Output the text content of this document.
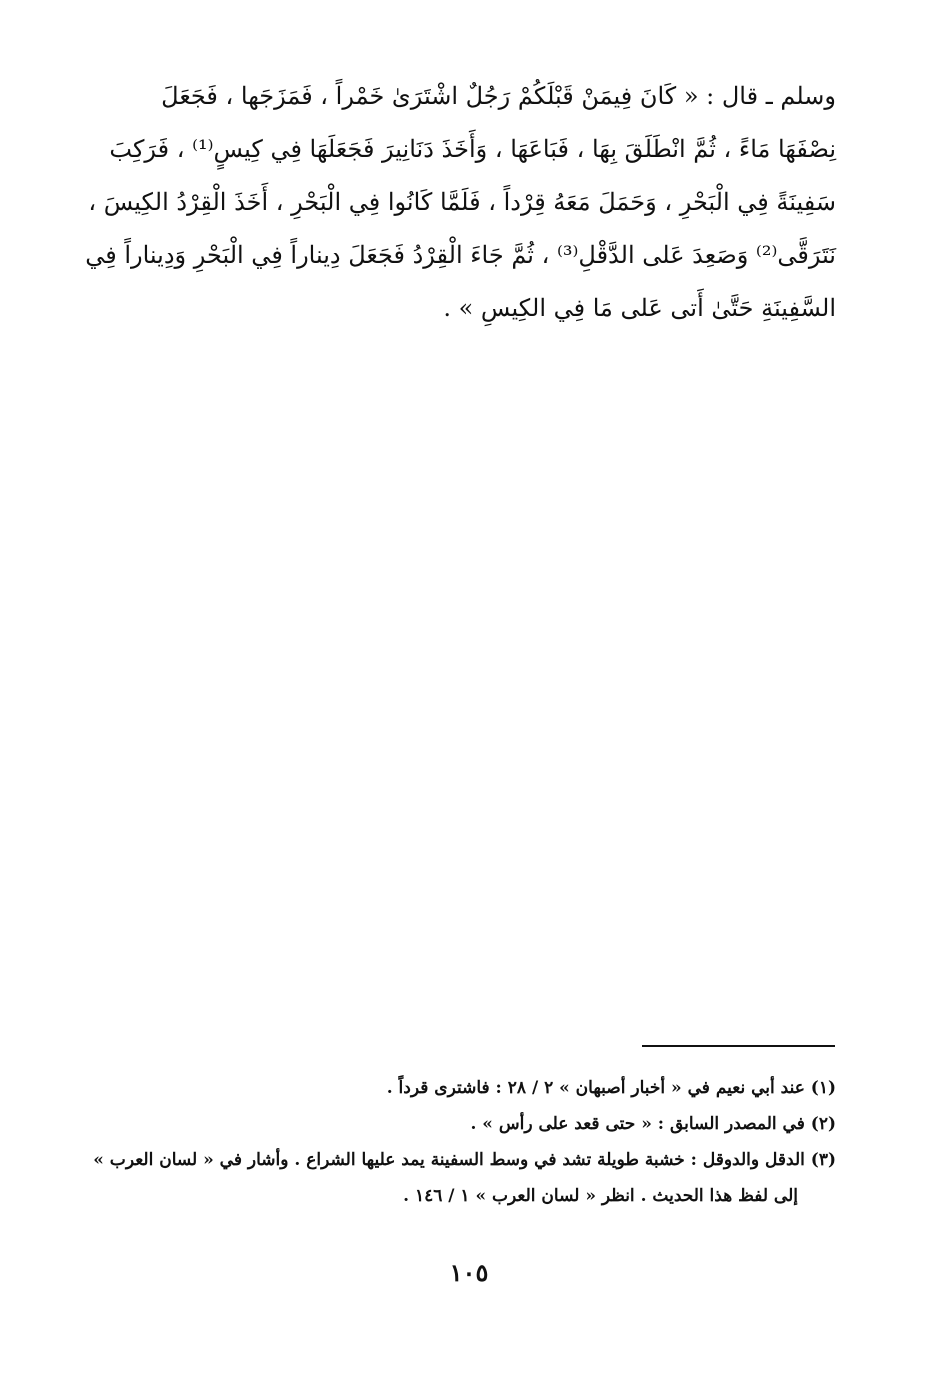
وسلم ـ قال : « كَانَ فِيمَنْ قَبْلَكُمْ رَجُلٌ اشْتَرَىٰ خَمْراً ، فَمَزَجَها ، فَجَعَلَ
نِصْفَهَا مَاءً ، ثُمَّ انْطَلَقَ بِهَا ، فَبَاعَهَا ، وَأَخَذَ دَنَانِيرَ فَجَعَلَهَا فِي كِيسٍ⁽¹⁾ ، فَرَكِبَ
سَفِينَةً فِي الْبَحْرِ ، وَحَمَلَ مَعَهُ قِرْداً ، فَلَمَّا كَانُوا فِي الْبَحْرِ ، أَخَذَ الْقِرْدُ الكِيسَ ،
نَتَرَقَّى⁽²⁾ وَصَعِدَ عَلى الدَّقْلِ⁽³⁾ ، ثُمَّ جَاءَ الْقِرْدُ فَجَعَلَ دِيناراً فِي الْبَحْرِ وَدِيناراً فِي
السَّفِينَةِ حَتَّىٰ أَتى عَلى مَا فِي الكِيسِ » .
(١) عند أبي نعيم في « أخبار أصبهان » ٢ / ٢٨ : فاشترى قرداً .
(٢) في المصدر السابق : « حتى قعد على رأس » .
(٣) الدقل والدوقل : خشبة طويلة تشد في وسط السفينة يمد عليها الشراع . وأشار في « لسان العرب »
إلى لفظ هذا الحديث . انظر « لسان العرب » ١ / ١٤٦ .
١٠٥
